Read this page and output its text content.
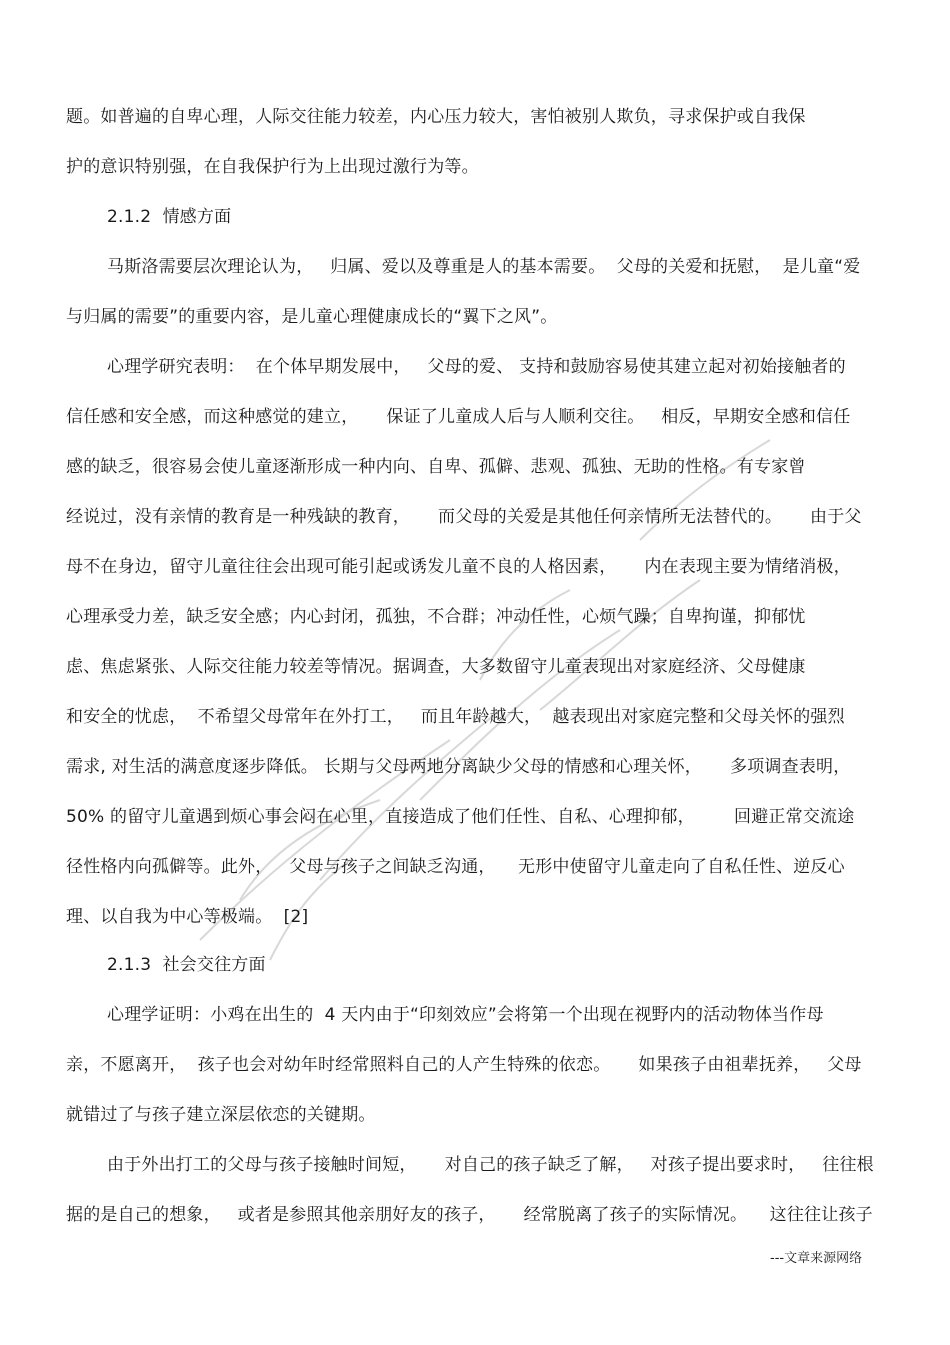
题。如普遍的自卑心理，人际交往能力较差，内心压力较大，害怕被别人欺负，寻求保护或自我保
护的意识特别强，在自我保护行为上出现过激行为等。
2.1.2  情感方面
马斯洛需要层次理论认为，   归属、爱以及尊重是人的基本需要。  父母的关爱和抚慰，  是儿童“爱
与归属的需要”的重要内容，是儿童心理健康成长的“翼下之风”。
心理学研究表明：  在个体早期发展中，   父母的爱、 支持和鼓励容易使其建立起对初始接触者的
信任感和安全感，而这种感觉的建立，     保证了儿童成人后与人顺利交往。   相反，早期安全感和信任
感的缺乏，很容易会使儿童逐渐形成一种内向、自卑、孤僻、悲观、孤独、无助的性格。有专家曾
经说过，没有亲情的教育是一种残缺的教育，     而父母的关爱是其他任何亲情所无法替代的。     由于父
母不在身边，留守儿童往往会出现可能引起或诱发儿童不良的人格因素，     内在表现主要为情绪消极，
心理承受力差，缺乏安全感；内心封闭，孤独，不合群；冲动任性，心烦气躁；自卑拘谨，抑郁忧
虑、焦虑紧张、人际交往能力较差等情况。据调查，大多数留守儿童表现出对家庭经济、父母健康
和安全的忧虑，  不希望父母常年在外打工，   而且年龄越大，  越表现出对家庭完整和父母关怀的强烈
需求, 对生活的满意度逐步降低。 长期与父母两地分离缺少父母的情感和心理关怀，     多项调查表明，
50% 的留守儿童遇到烦心事会闷在心里，直接造成了他们任性、自私、心理抑郁，       回避正常交流途
径性格内向孤僻等。此外，   父母与孩子之间缺乏沟通，    无形中使留守儿童走向了自私任性、逆反心
理、以自我为中心等极端。  [2]
2.1.3  社会交往方面
心理学证明：小鸡在出生的  4 天内由于“印刻效应”会将第一个出现在视野内的活动物体当作母
亲，不愿离开，  孩子也会对幼年时经常照料自己的人产生特殊的依恋。     如果孩子由祖辈抚养，   父母
就错过了与孩子建立深层依恋的关键期。
由于外出打工的父母与孩子接触时间短，     对自己的孩子缺乏了解，   对孩子提出要求时，   往往根
据的是自己的想象，   或者是参照其他亲朋好友的孩子，     经常脱离了孩子的实际情况。    这往往让孩子
---文章来源网络
